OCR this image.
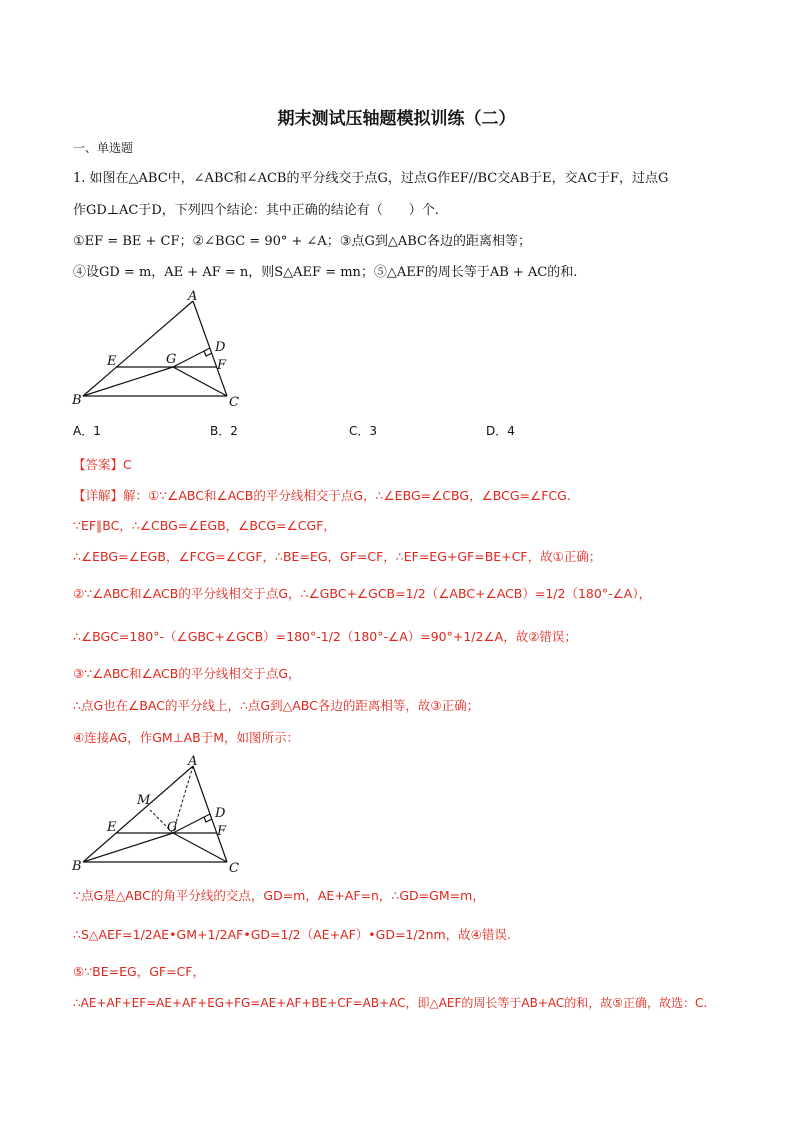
期末测试压轴题模拟训练（二）
一、单选题
1. 如图在△ABC中，∠ABC和∠ACB的平分线交于点G，过点G作EF//BC交AB于E，交AC于F，过点G
作GD⊥AC于D，下列四个结论：其中正确的结论有（　　）个.
①EF = BE + CF；②∠BGC = 90° + ∠A；③点G到△ABC各边的距离相等；
④设GD = m，AE + AF = n，则S△AEF = mn；⑤△AEF的周长等于AB + AC的和.
A
B	C
D
E	F
G
A．1	B．2	C．3	D．4
【答案】C
【详解】解：①∵∠ABC和∠ACB的平分线相交于点G，∴∠EBG=∠CBG，∠BCG=∠FCG.
∵EF∥BC，∴∠CBG=∠EGB，∠BCG=∠CGF，
∴∠EBG=∠EGB，∠FCG=∠CGF，∴BE=EG，GF=CF，∴EF=EG+GF=BE+CF，故①正确；
②∵∠ABC和∠ACB的平分线相交于点G，∴∠GBC+∠GCB=1/2（∠ABC+∠ACB）=1/2（180°-∠A），
∴∠BGC=180°-（∠GBC+∠GCB）=180°-1/2（180°-∠A）=90°+1/2∠A，故②错误；
③∵∠ABC和∠ACB的平分线相交于点G，
∴点G也在∠BAC的平分线上，∴点G到△ABC各边的距离相等，故③正确；
④连接AG，作GM⊥AB于M，如图所示：
A
B	C
D
E	F
G
M
∵点G是△ABC的角平分线的交点，GD=m，AE+AF=n，∴GD=GM=m，
∴S△AEF=1/2AE•GM+1/2AF•GD=1/2（AE+AF）•GD=1/2nm，故④错误.
⑤∵BE=EG，GF=CF，
∴AE+AF+EF=AE+AF+EG+FG=AE+AF+BE+CF=AB+AC，即△AEF的周长等于AB+AC的和，故⑤正确，故选：C.
